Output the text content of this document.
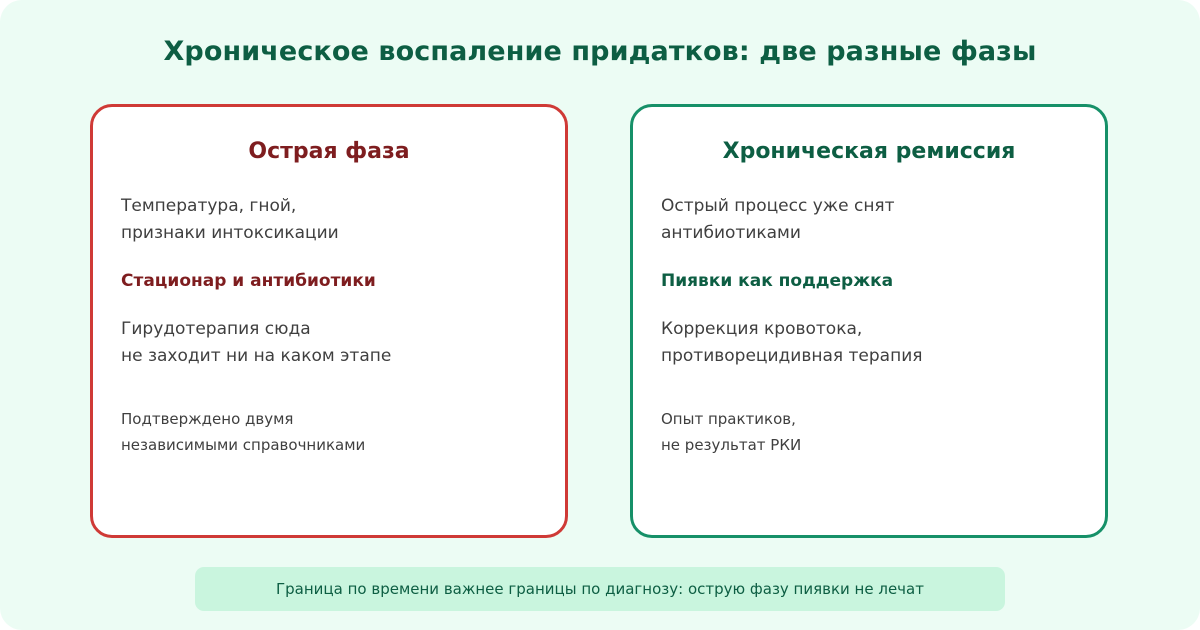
Хроническое воспаление придатков: две разные фазы
Острая фаза
Температура, гной,
признаки интоксикации
Стационар и антибиотики
Гирудотерапия сюда
не заходит ни на каком этапе
Подтверждено двумя
независимыми справочниками
Хроническая ремиссия
Острый процесс уже снят
антибиотиками
Пиявки как поддержка
Коррекция кровотока,
противорецидивная терапия
Опыт практиков,
не результат РКИ
Граница по времени важнее границы по диагнозу: острую фазу пиявки не лечат
